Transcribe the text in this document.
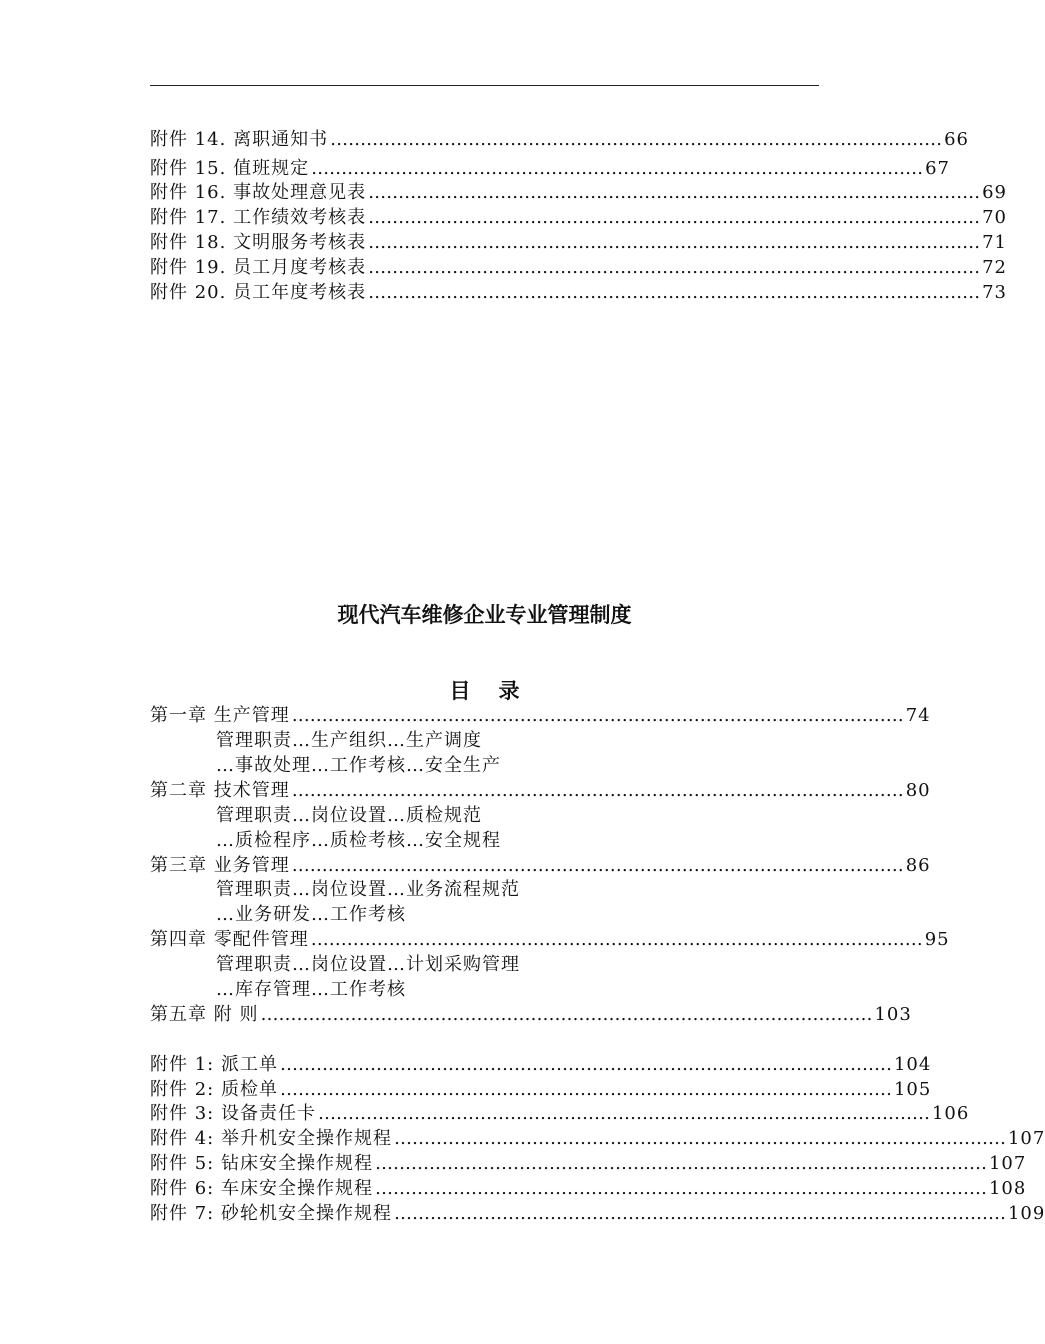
附件 14. 离职通知书 ………………………………………………………………………………………… 66
附件 15. 值班规定 ………………………………………………………………………………………… 67
附件 16. 事故处理意见表 ………………………………………………………………………………………… 69
附件 17. 工作绩效考核表 ………………………………………………………………………………………… 70
附件 18. 文明服务考核表 ………………………………………………………………………………………… 71
附件 19. 员工月度考核表 ………………………………………………………………………………………… 72
附件 20. 员工年度考核表 ………………………………………………………………………………………… 73
现代汽车维修企业专业管理制度
目录
第一章 生产管理 ………………………………………………………………………………………… 74
管理职责…生产组织…生产调度
…事故处理…工作考核…安全生产
第二章 技术管理 ………………………………………………………………………………………… 80
管理职责…岗位设置…质检规范
…质检程序…质检考核…安全规程
第三章 业务管理 ………………………………………………………………………………………… 86
管理职责…岗位设置…业务流程规范
…业务研发…工作考核
第四章 零配件管理 ………………………………………………………………………………………… 95
管理职责…岗位设置…计划采购管理
…库存管理…工作考核
第五章 附 则 ………………………………………………………………………………………… 103
附件 1: 派工单 ………………………………………………………………………………………… 104
附件 2: 质检单 ………………………………………………………………………………………… 105
附件 3: 设备责任卡 ………………………………………………………………………………………… 106
附件 4: 举升机安全操作规程 ………………………………………………………………………………………… 107
附件 5: 钻床安全操作规程 ………………………………………………………………………………………… 107
附件 6: 车床安全操作规程 ………………………………………………………………………………………… 108
附件 7: 砂轮机安全操作规程 ………………………………………………………………………………………… 109
